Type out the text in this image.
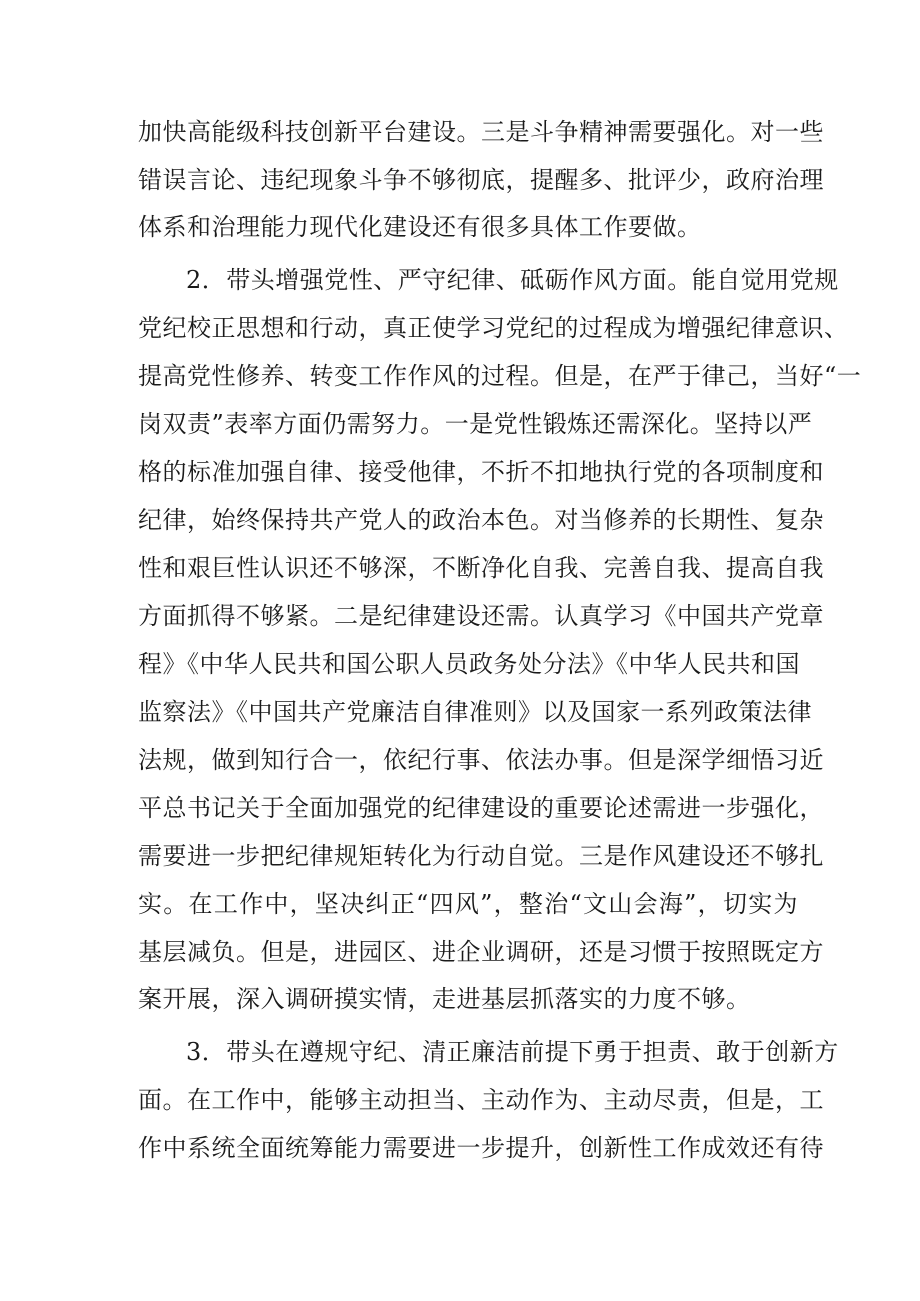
加快高能级科技创新平台建设。三是斗争精神需要强化。对一些

错误言论、违纪现象斗争不够彻底，提醒多、批评少，政府治理

体系和治理能力现代化建设还有很多具体工作要做。

2．带头增强党性、严守纪律、砥砺作风方面。能自觉用党规

党纪校正思想和行动，真正使学习党纪的过程成为增强纪律意识、

提高党性修养、转变工作作风的过程。但是，在严于律己，当好“一

岗双责”表率方面仍需努力。一是党性锻炼还需深化。坚持以严

格的标准加强自律、接受他律，不折不扣地执行党的各项制度和

纪律，始终保持共产党人的政治本色。对当修养的长期性、复杂

性和艰巨性认识还不够深，不断净化自我、完善自我、提高自我

方面抓得不够紧。二是纪律建设还需。认真学习《中国共产党章

程》《中华人民共和国公职人员政务处分法》《中华人民共和国

监察法》《中国共产党廉洁自律准则》以及国家一系列政策法律

法规，做到知行合一，依纪行事、依法办事。但是深学细悟习近

平总书记关于全面加强党的纪律建设的重要论述需进一步强化，

需要进一步把纪律规矩转化为行动自觉。三是作风建设还不够扎

实。在工作中，坚决纠正“四风”，整治“文山会海”，切实为

基层减负。但是，进园区、进企业调研，还是习惯于按照既定方

案开展，深入调研摸实情，走进基层抓落实的力度不够。

3．带头在遵规守纪、清正廉洁前提下勇于担责、敢于创新方

面。在工作中，能够主动担当、主动作为、主动尽责，但是，工

作中系统全面统筹能力需要进一步提升，创新性工作成效还有待
